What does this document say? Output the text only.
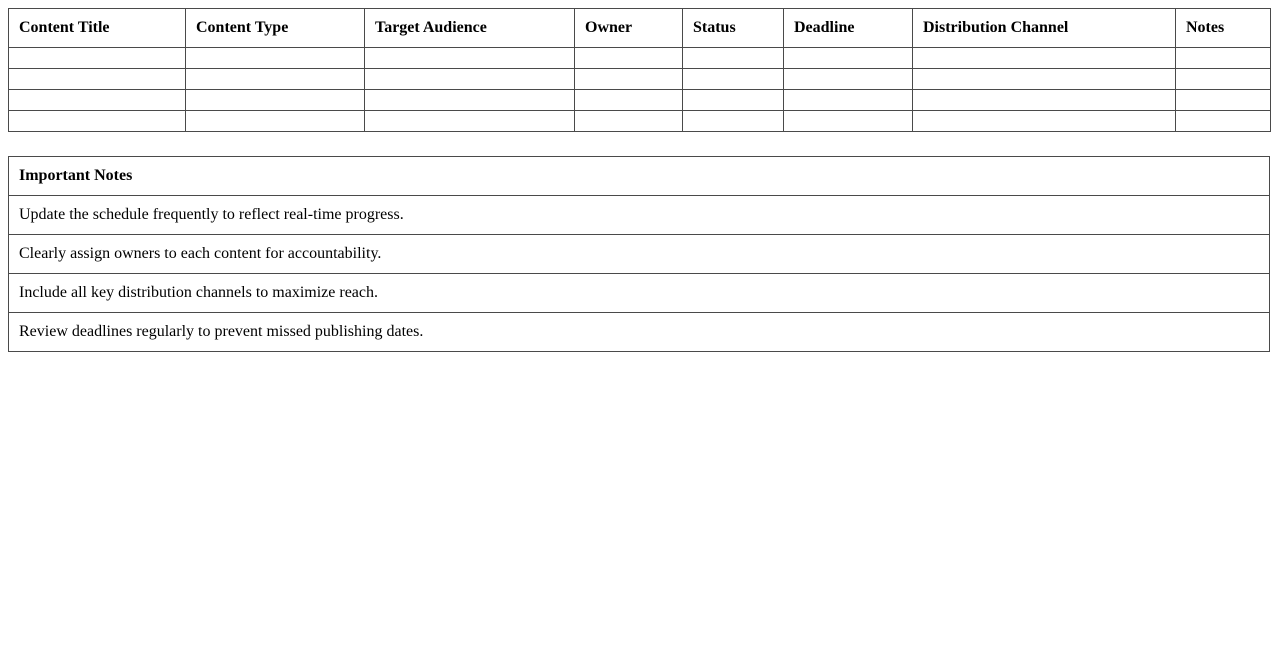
Content Title	Content Type	Target Audience	Owner	Status	Deadline	Distribution Channel	Notes

Important Notes
Update the schedule frequently to reflect real-time progress.
Clearly assign owners to each content for accountability.
Include all key distribution channels to maximize reach.
Review deadlines regularly to prevent missed publishing dates.
